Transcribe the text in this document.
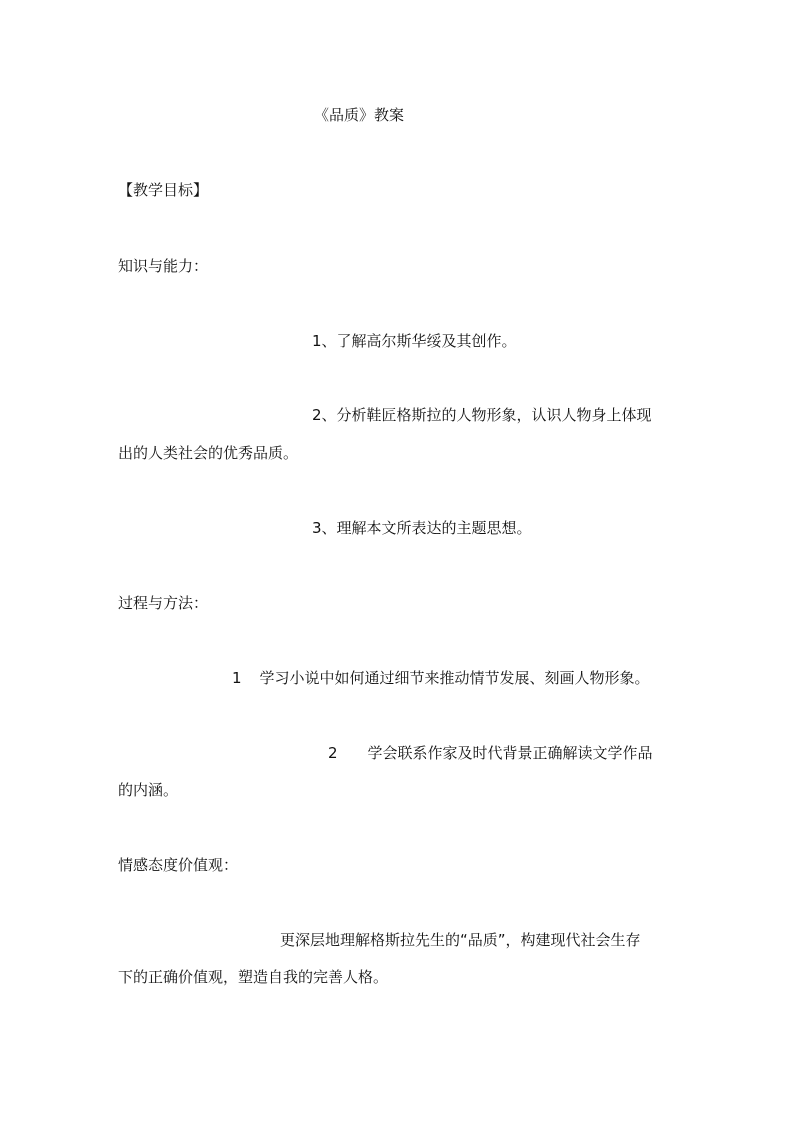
《品质》教案
【教学目标】
知识与能力：
1、了解高尔斯华绥及其创作。
2、分析鞋匠格斯拉的人物形象，认识人物身上体现
出的人类社会的优秀品质。
3、理解本文所表达的主题思想。
过程与方法：
1 学习小说中如何通过细节来推动情节发展、刻画人物形象。
2 学会联系作家及时代背景正确解读文学作品
的内涵。
情感态度价值观：
更深层地理解格斯拉先生的“品质”，构建现代社会生存
下的正确价值观，塑造自我的完善人格。
